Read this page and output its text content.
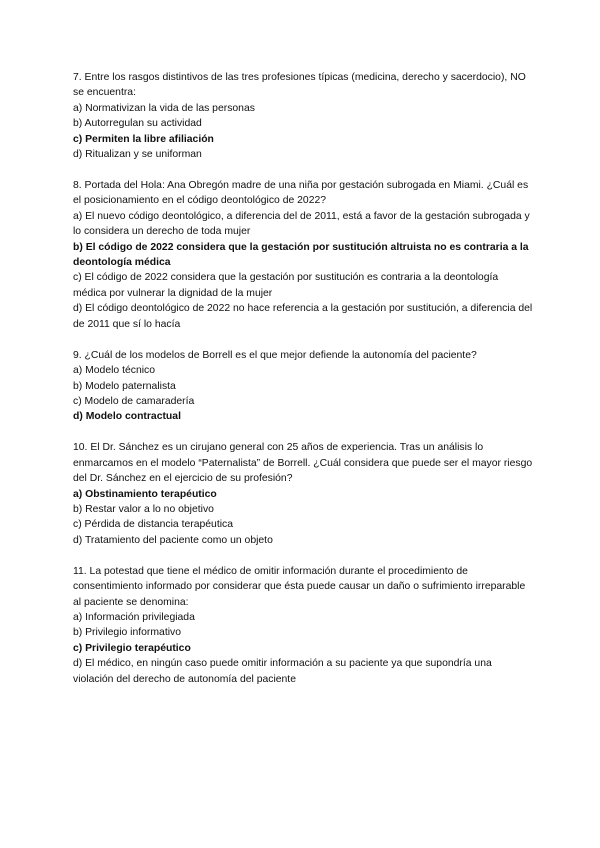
7. Entre los rasgos distintivos de las tres profesiones típicas (medicina, derecho y sacerdocio), NO se encuentra:
a) Normativizan la vida de las personas
b) Autorregulan su actividad
c) Permiten la libre afiliación
d) Ritualizan y se uniforman
8. Portada del Hola: Ana Obregón madre de una niña por gestación subrogada en Miami. ¿Cuál es el posicionamiento en el código deontológico de 2022?
a) El nuevo código deontológico, a diferencia del de 2011, está a favor de la gestación subrogada y lo considera un derecho de toda mujer
b) El código de 2022 considera que la gestación por sustitución altruista no es contraria a la deontología médica
c) El código de 2022 considera que la gestación por sustitución es contraria a la deontología médica por vulnerar la dignidad de la mujer
d) El código deontológico de 2022 no hace referencia a la gestación por sustitución, a diferencia del de 2011 que sí lo hacía
9. ¿Cuál de los modelos de Borrell es el que mejor defiende la autonomía del paciente?
a) Modelo técnico
b) Modelo paternalista
c) Modelo de camaradería
d) Modelo contractual
10. El Dr. Sánchez es un cirujano general con 25 años de experiencia. Tras un análisis lo enmarcamos en el modelo “Paternalista” de Borrell. ¿Cuál considera que puede ser el mayor riesgo del Dr. Sánchez en el ejercicio de su profesión?
a) Obstinamiento terapéutico
b) Restar valor a lo no objetivo
c) Pérdida de distancia terapéutica
d) Tratamiento del paciente como un objeto
11. La potestad que tiene el médico de omitir información durante el procedimiento de consentimiento informado por considerar que ésta puede causar un daño o sufrimiento irreparable al paciente se denomina:
a) Información privilegiada
b) Privilegio informativo
c) Privilegio terapéutico
d) El médico, en ningún caso puede omitir información a su paciente ya que supondría una violación del derecho de autonomía del paciente
